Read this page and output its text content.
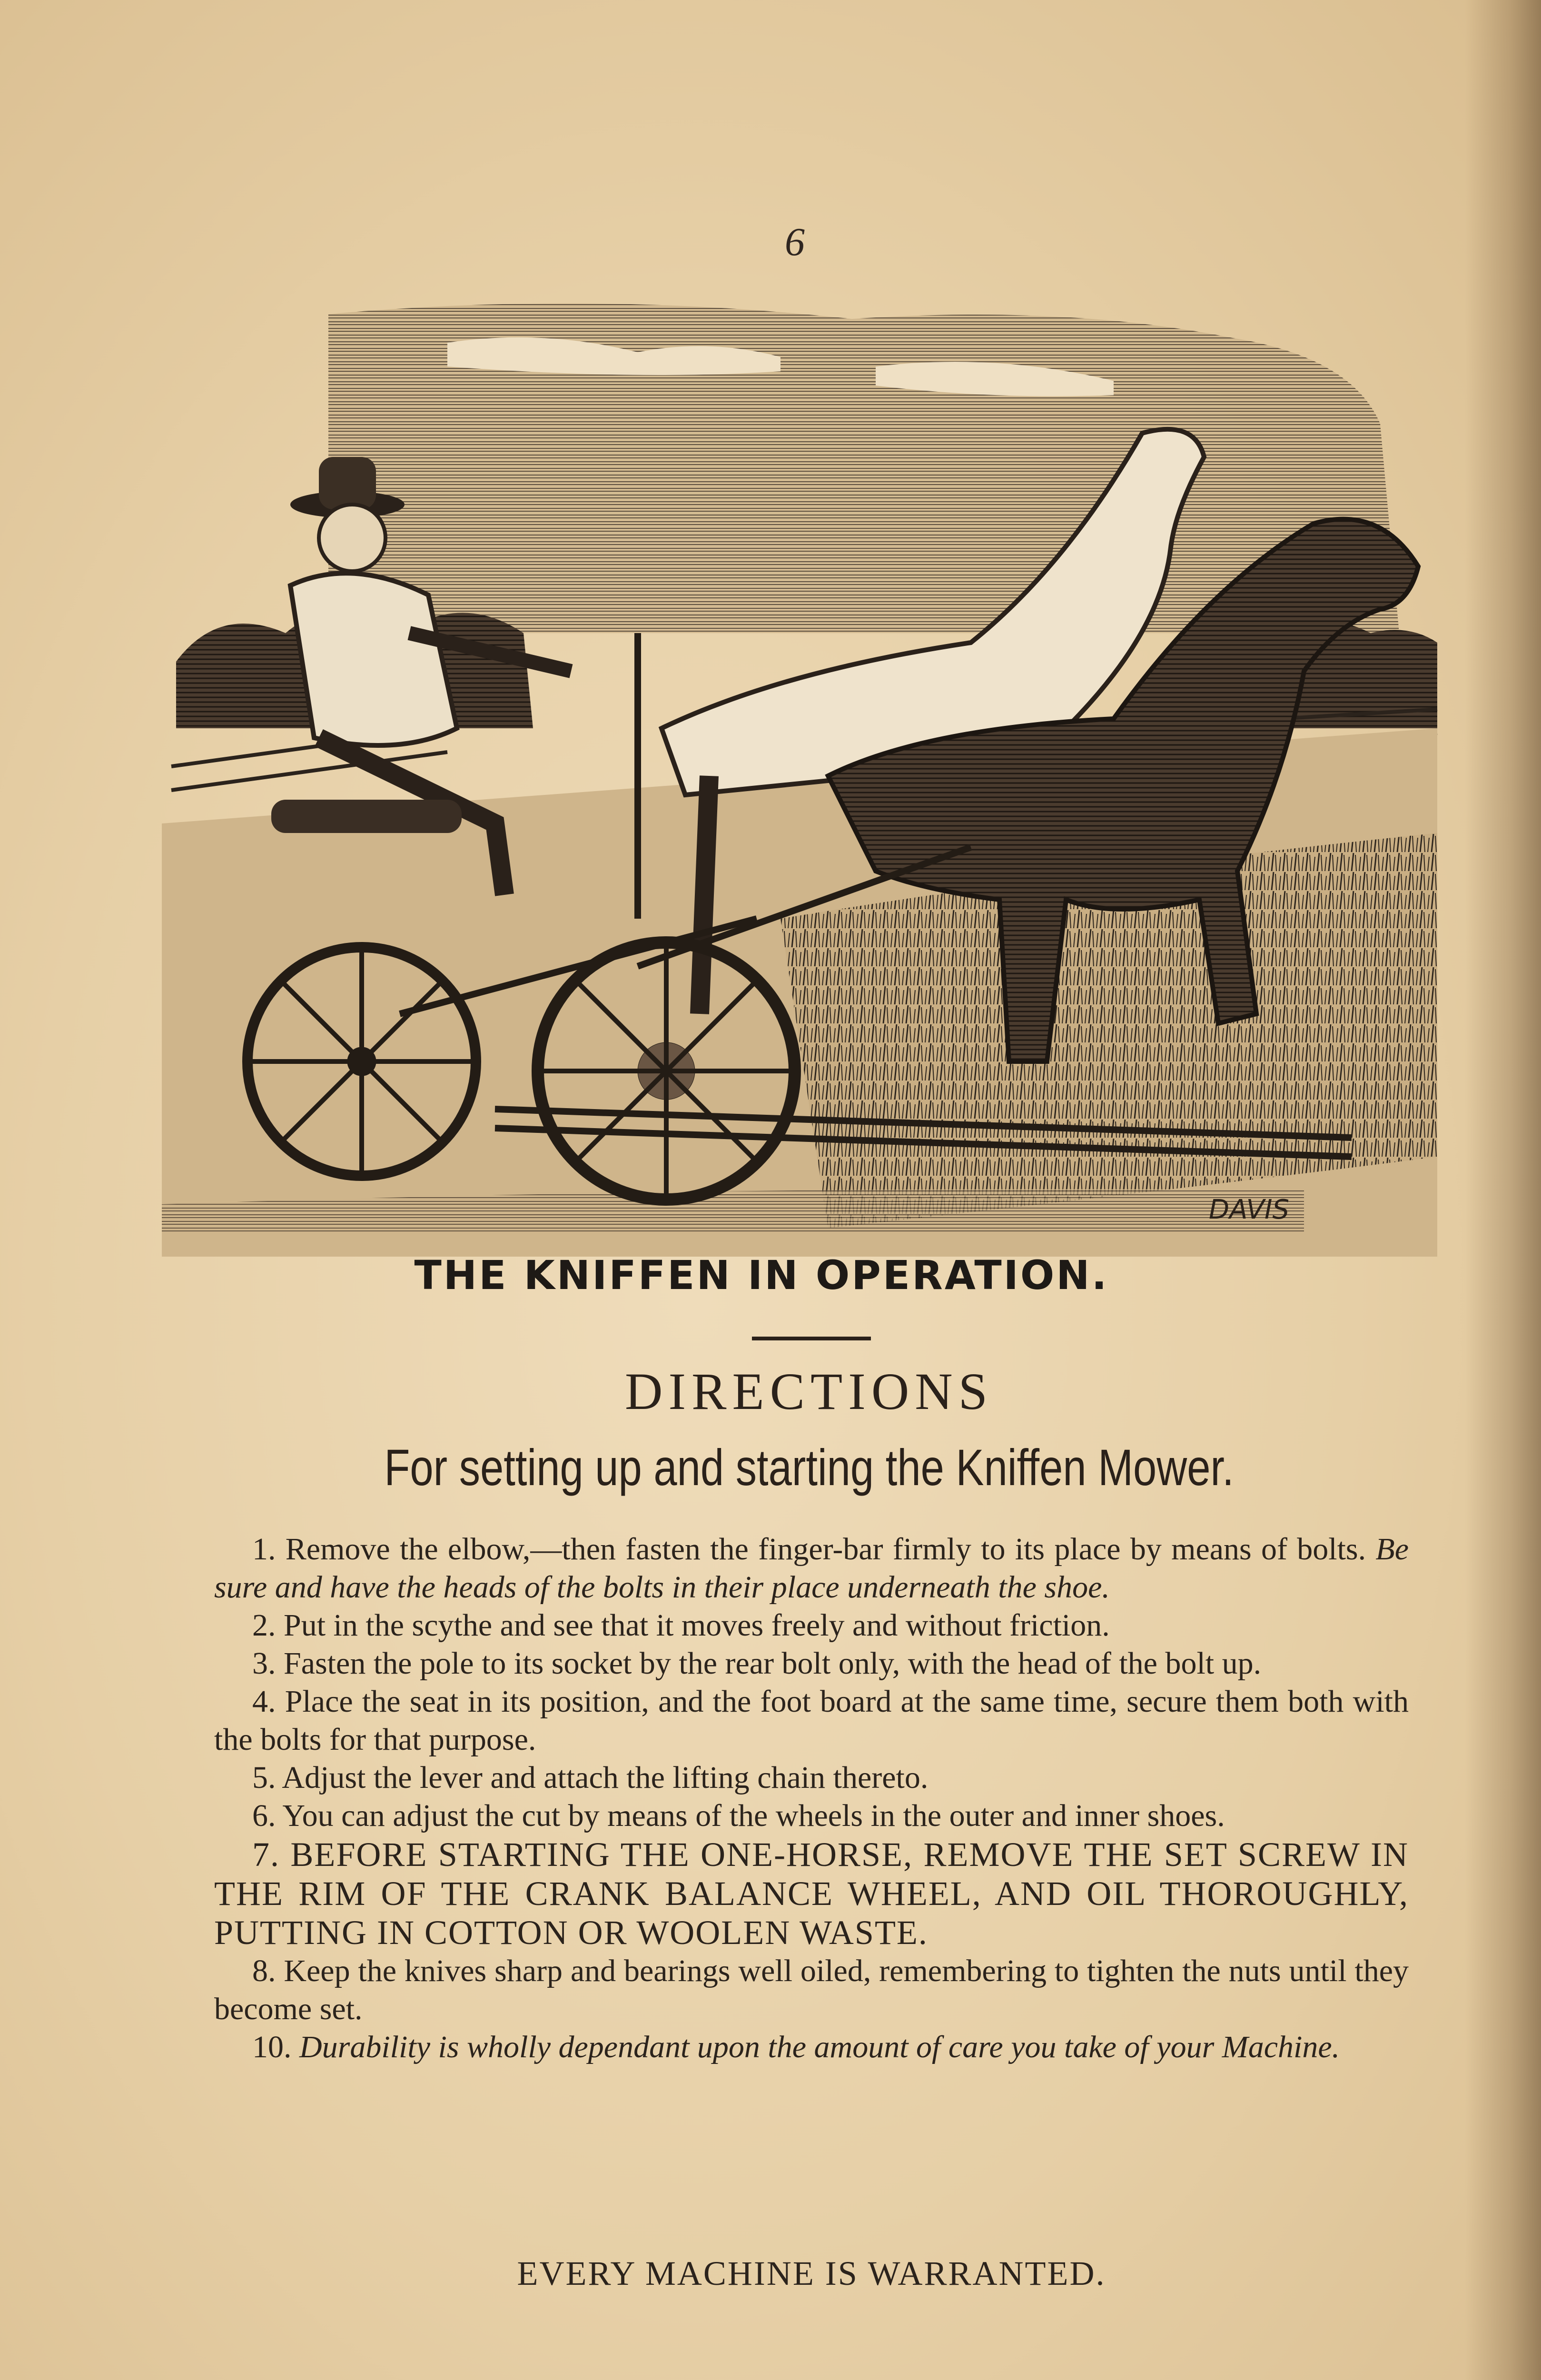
6
DAVIS
THE KNIFFEN IN OPERATION.
DIRECTIONS
For setting up and starting the Kniffen Mower.

1. Remove the elbow,—then fasten the finger-bar firmly to its place by means of bolts. Be sure and have the heads of the bolts in their place underneath the shoe.

2. Put in the scythe and see that it moves freely and without friction.

3. Fasten the pole to its socket by the rear bolt only, with the head of the bolt up.

4. Place the seat in its position, and the foot board at the same time, secure them both with the bolts for that purpose.

5. Adjust the lever and attach the lifting chain thereto.

6. You can adjust the cut by means of the wheels in the outer and inner shoes.

7. BEFORE STARTING THE ONE-HORSE, REMOVE THE SET SCREW IN THE RIM OF THE CRANK BALANCE WHEEL, AND OIL THOROUGHLY, PUTTING IN COTTON OR WOOLEN WASTE.

8. Keep the knives sharp and bearings well oiled, remembering to tighten the nuts until they become set.

10. Durability is wholly dependant upon the amount of care you take of your Machine.

EVERY MACHINE IS WARRANTED.
